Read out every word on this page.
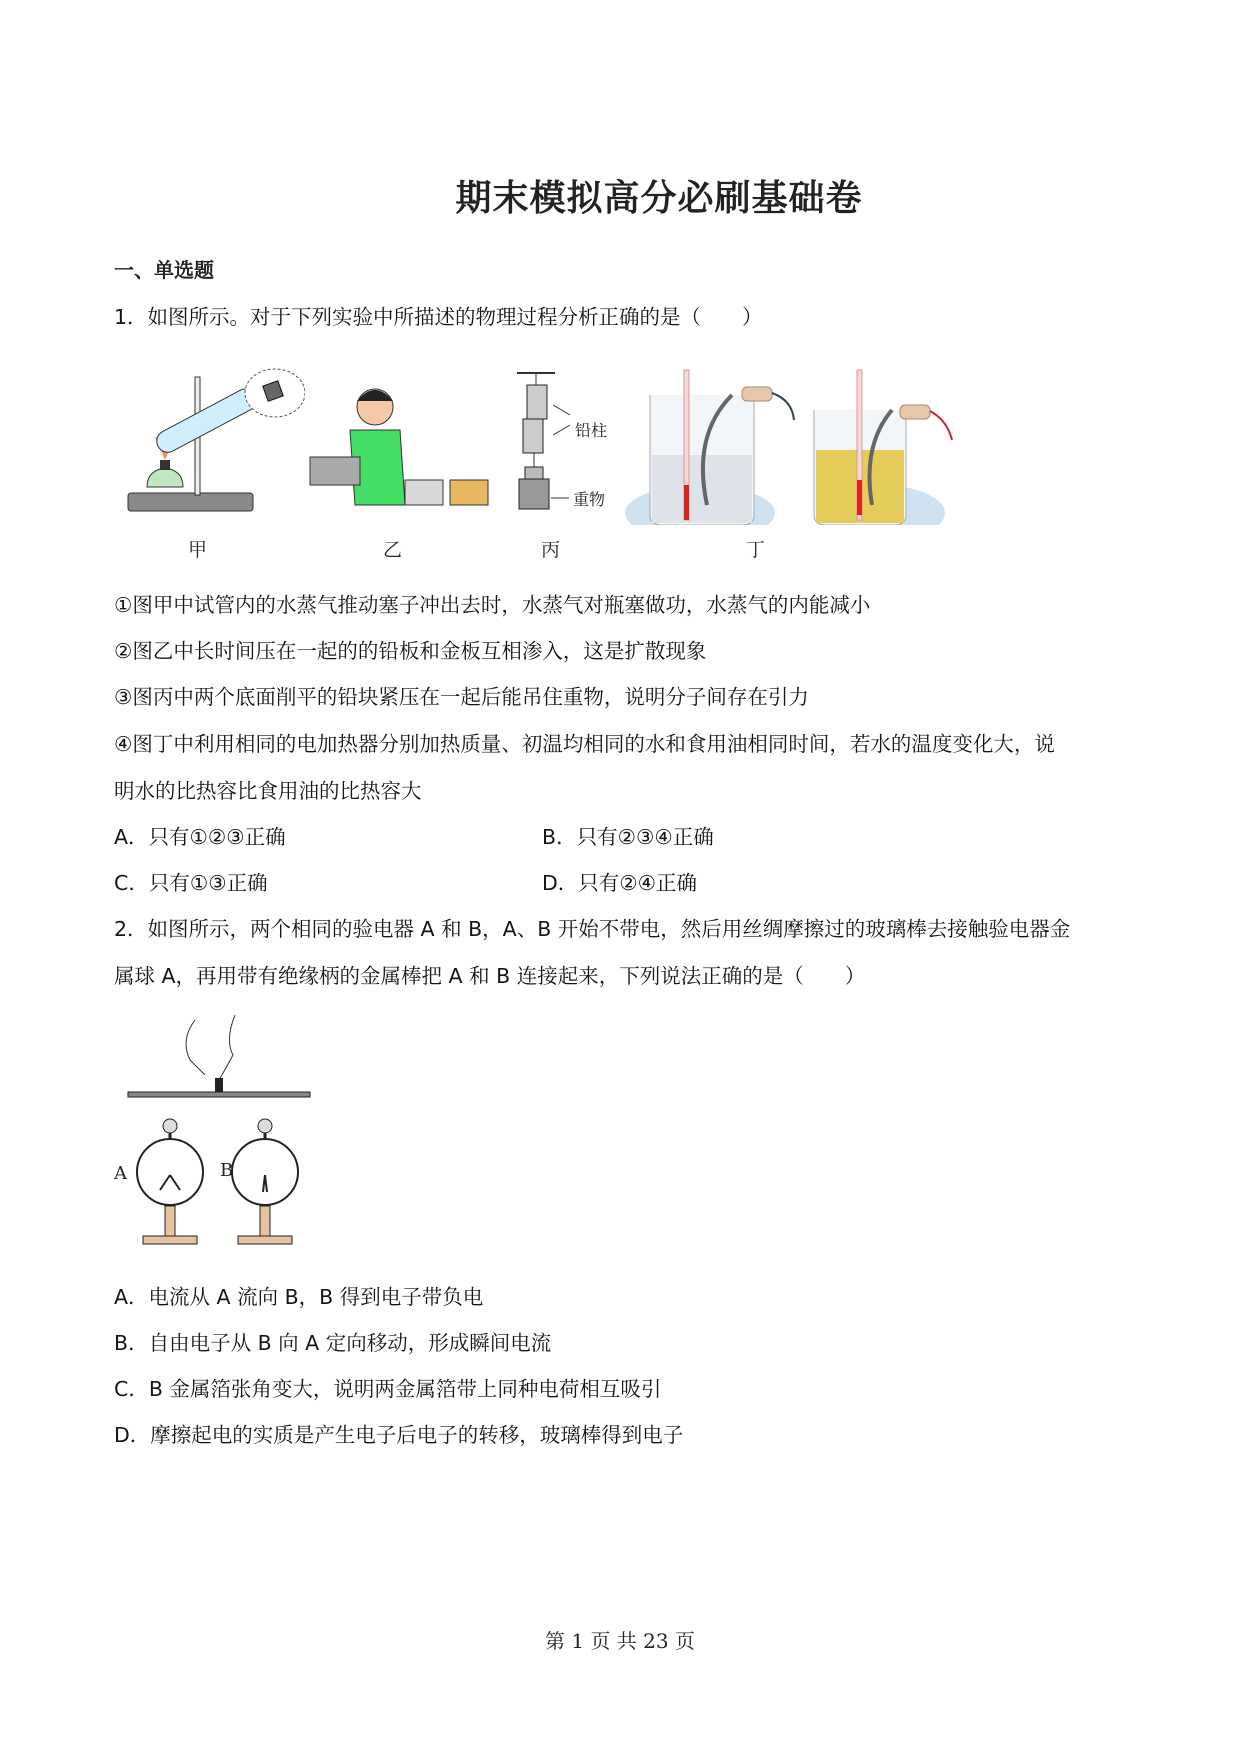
期末模拟高分必刷基础卷
一、单选题
1．如图所示。对于下列实验中所描述的物理过程分析正确的是（　　）
铅柱
重物
甲	乙	丙	丁
①图甲中试管内的水蒸气推动塞子冲出去时，水蒸气对瓶塞做功，水蒸气的内能减小
②图乙中长时间压在一起的的铅板和金板互相渗入，这是扩散现象
③图丙中两个底面削平的铅块紧压在一起后能吊住重物，说明分子间存在引力
④图丁中利用相同的电加热器分别加热质量、初温均相同的水和食用油相同时间，若水的温度变化大，说
明水的比热容比食用油的比热容大
A．只有①②③正确	B．只有②③④正确
C．只有①③正确	D．只有②④正确
2．如图所示，两个相同的验电器 A 和 B，A、B 开始不带电，然后用丝绸摩擦过的玻璃棒去接触验电器金
属球 A，再用带有绝缘柄的金属棒把 A 和 B 连接起来，下列说法正确的是（　　）
A	B
A．电流从 A 流向 B，B 得到电子带负电
B．自由电子从 B 向 A 定向移动，形成瞬间电流
C．B 金属箔张角变大，说明两金属箔带上同种电荷相互吸引
D．摩擦起电的实质是产生电子后电子的转移，玻璃棒得到电子
第 1 页 共 23 页
